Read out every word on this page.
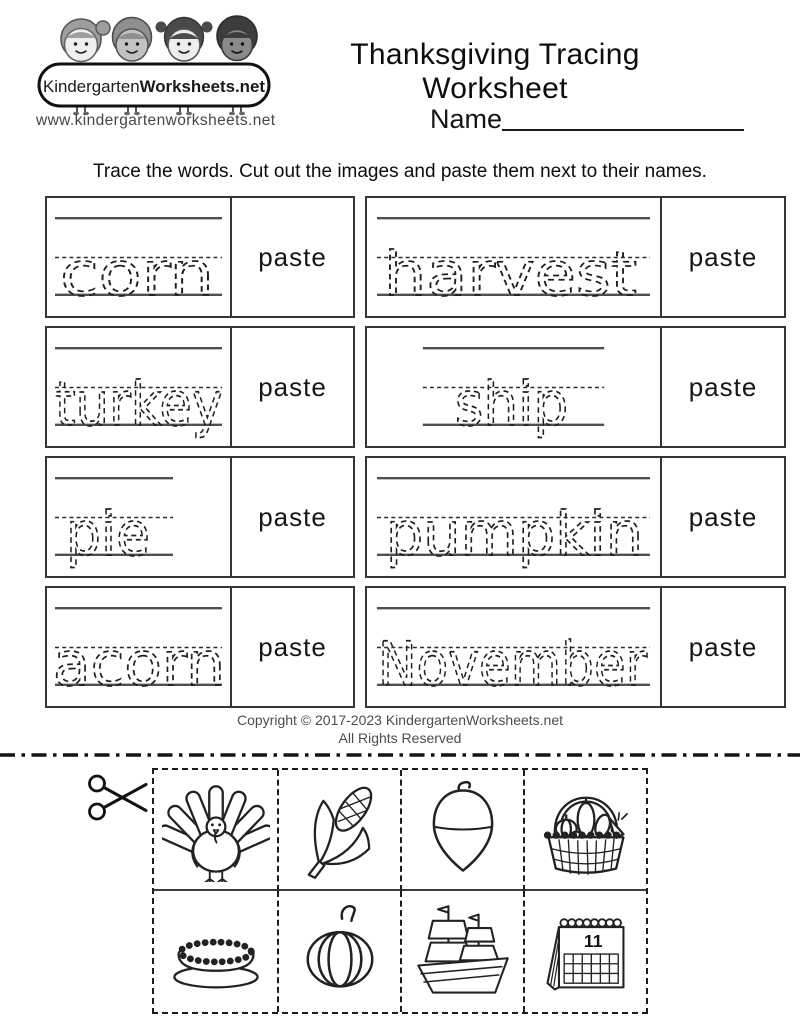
Kindergarten Worksheets.net
www.kindergartenworksheets.net
Thanksgiving Tracing Worksheet
Name
Trace the words. Cut out the images and paste them next to their names.
corn paste harvest paste
turkey paste ship	paste
pie	paste pumpkin paste
acorn paste November paste
Copyright © 2017-2023 KindergartenWorksheets.net
All Rights Reserved
11
